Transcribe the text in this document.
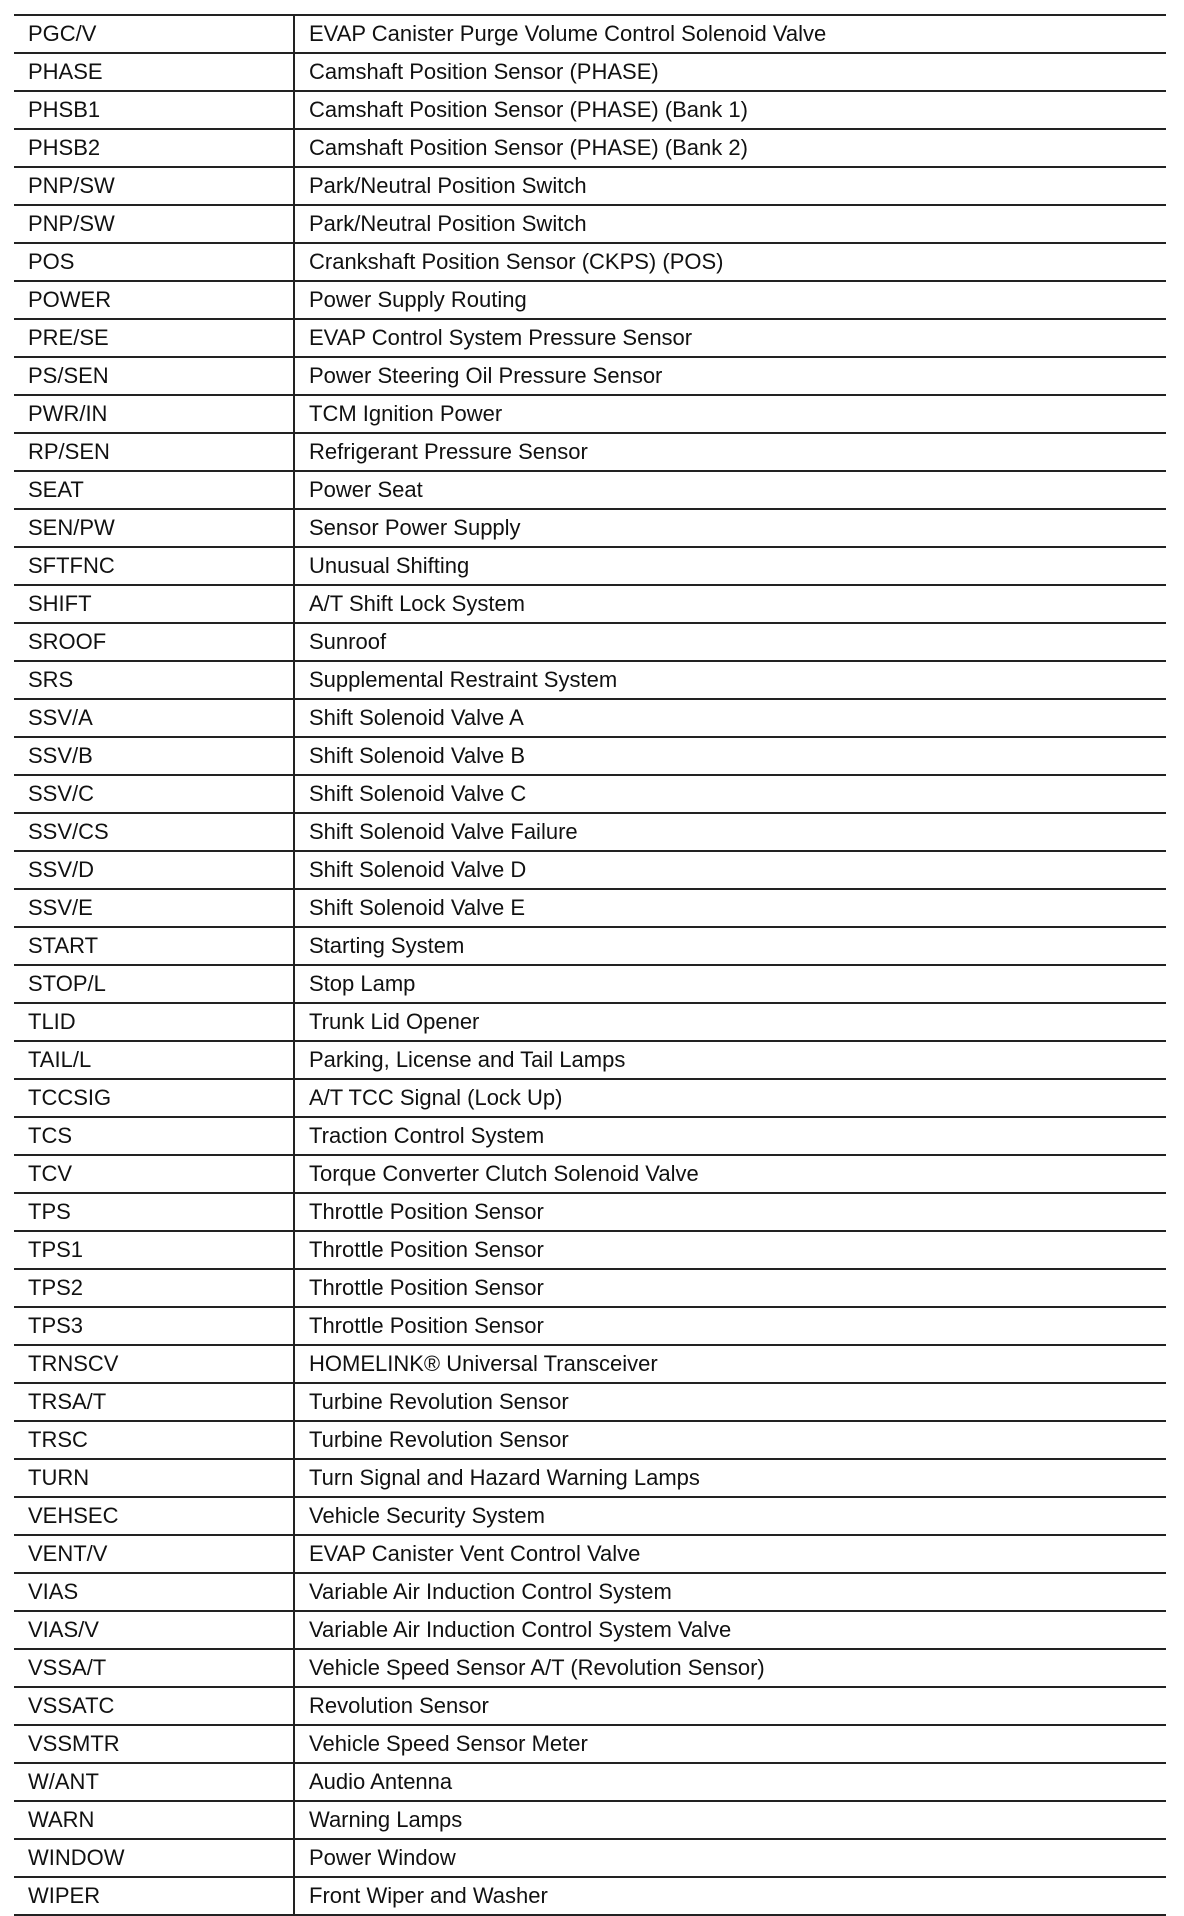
PGC/V	EVAP Canister Purge Volume Control Solenoid Valve
PHASE	Camshaft Position Sensor (PHASE)
PHSB1	Camshaft Position Sensor (PHASE) (Bank 1)
PHSB2	Camshaft Position Sensor (PHASE) (Bank 2)
PNP/SW	Park/Neutral Position Switch
PNP/SW	Park/Neutral Position Switch
POS	Crankshaft Position Sensor (CKPS) (POS)
POWER	Power Supply Routing
PRE/SE	EVAP Control System Pressure Sensor
PS/SEN	Power Steering Oil Pressure Sensor
PWR/IN	TCM Ignition Power
RP/SEN	Refrigerant Pressure Sensor
SEAT	Power Seat
SEN/PW	Sensor Power Supply
SFTFNC	Unusual Shifting
SHIFT	A/T Shift Lock System
SROOF	Sunroof
SRS	Supplemental Restraint System
SSV/A	Shift Solenoid Valve A
SSV/B	Shift Solenoid Valve B
SSV/C	Shift Solenoid Valve C
SSV/CS	Shift Solenoid Valve Failure
SSV/D	Shift Solenoid Valve D
SSV/E	Shift Solenoid Valve E
START	Starting System
STOP/L	Stop Lamp
TLID	Trunk Lid Opener
TAIL/L	Parking, License and Tail Lamps
TCCSIG	A/T TCC Signal (Lock Up)
TCS	Traction Control System
TCV	Torque Converter Clutch Solenoid Valve
TPS	Throttle Position Sensor
TPS1	Throttle Position Sensor
TPS2	Throttle Position Sensor
TPS3	Throttle Position Sensor
TRNSCV	HOMELINK® Universal Transceiver
TRSA/T	Turbine Revolution Sensor
TRSC	Turbine Revolution Sensor
TURN	Turn Signal and Hazard Warning Lamps
VEHSEC	Vehicle Security System
VENT/V	EVAP Canister Vent Control Valve
VIAS	Variable Air Induction Control System
VIAS/V	Variable Air Induction Control System Valve
VSSA/T	Vehicle Speed Sensor A/T (Revolution Sensor)
VSSATC	Revolution Sensor
VSSMTR	Vehicle Speed Sensor Meter
W/ANT	Audio Antenna
WARN	Warning Lamps
WINDOW	Power Window
WIPER	Front Wiper and Washer
